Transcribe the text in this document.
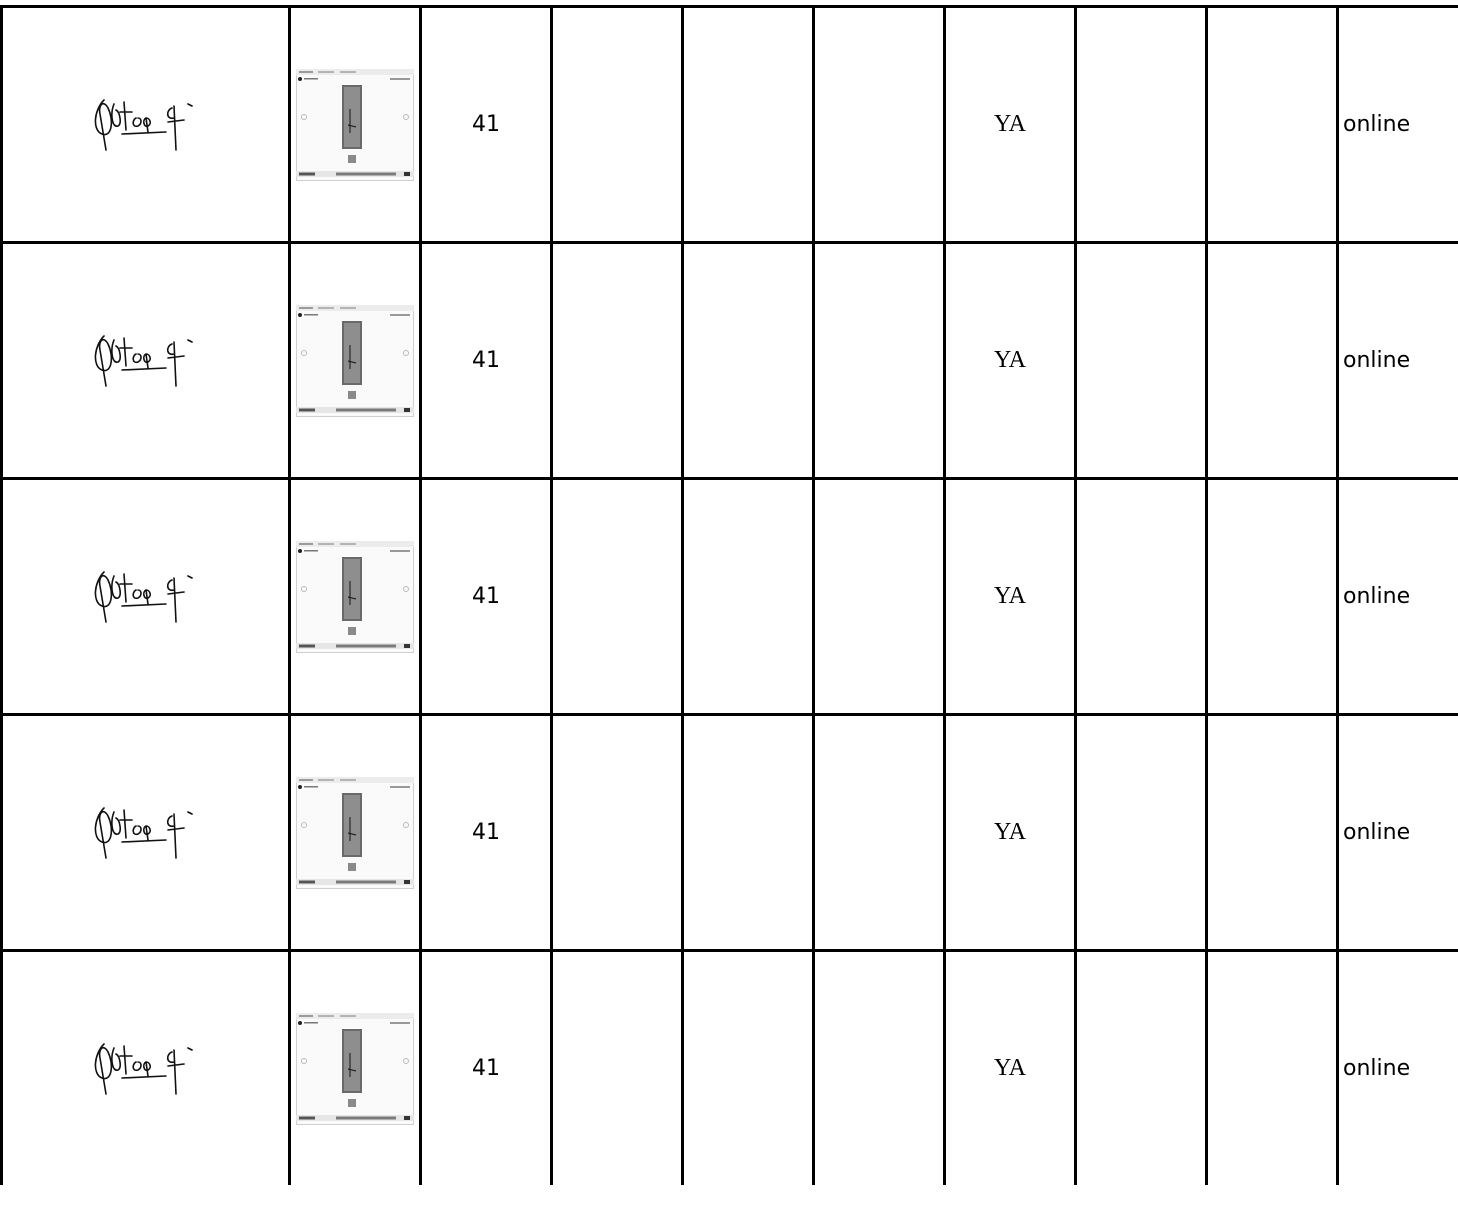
	41				YA			online

	41				YA			online

	41				YA			online

	41				YA			online

	41				YA			online
